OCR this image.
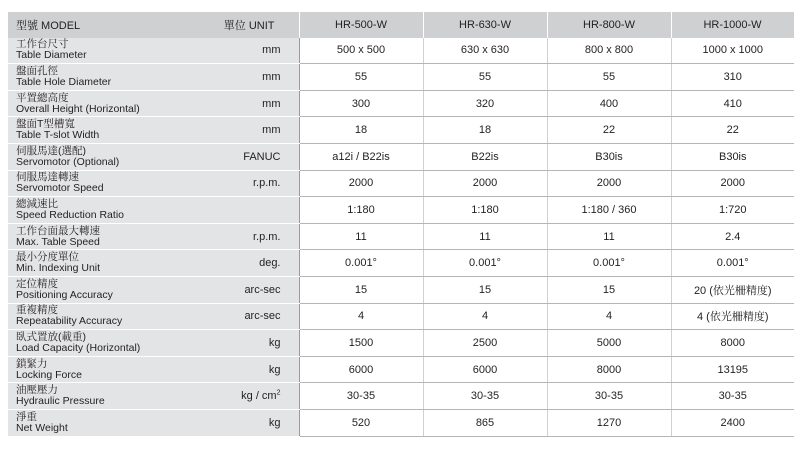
型號 MODEL	單位 UNIT	HR-500-W	HR-630-W	HR-800-W	HR-1000-W

工作台尺寸
Table Diameter	mm	500 x 500	630 x 630	800 x 800	1000 x 1000

盤面孔徑
Table Hole Diameter	mm	55	55	55	310

平置總高度
Overall Height (Horizontal)	mm	300	320	400	410

盤面T型槽寬
Table T-slot Width	mm	18	18	22	22

伺服馬達(選配)
Servomotor (Optional)	FANUC	a12i / B22is	B22is	B30is	B30is

伺服馬達轉速
Servomotor Speed	r.p.m.	2000	2000	2000	2000

總減速比
Speed Reduction Ratio		1:180	1:180	1:180 / 360	1:720

工作台面最大轉速
Max. Table Speed	r.p.m.	11	11	11	2.4

最小分度單位
Min. Indexing Unit	deg.	0.001°	0.001°	0.001°	0.001°

定位精度
Positioning Accuracy	arc-sec	15	15	15	20 (依光柵精度)

重複精度
Repeatability Accuracy	arc-sec	4	4	4	4 (依光柵精度)

臥式置放(載重)
Load Capacity (Horizontal)	kg	1500	2500	5000	8000

鎖緊力
Locking Force	kg	6000	6000	8000	13195

油壓壓力
Hydraulic Pressure	kg / $cm^2$	30-35	30-35	30-35	30-35

淨重
Net Weight	kg	520	865	1270	2400
